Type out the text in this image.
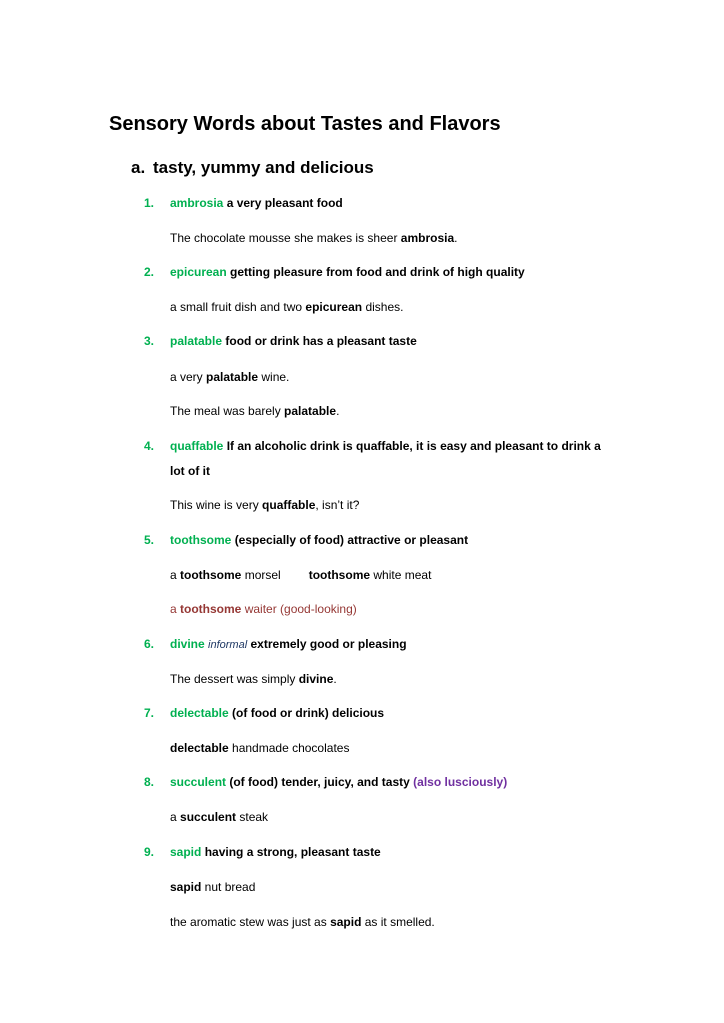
Sensory Words about Tastes and Flavors
a. tasty, yummy and delicious
1. ambrosia a very pleasant food
The chocolate mousse she makes is sheer ambrosia.
2. epicurean getting pleasure from food and drink of high quality
a small fruit dish and two epicurean dishes.
3. palatable food or drink has a pleasant taste
a very palatable wine.
The meal was barely palatable.
4. quaffable If an alcoholic drink is quaffable, it is easy and pleasant to drink a
lot of it
This wine is very quaffable, isn’t it?
5. toothsome (especially of food) attractive or pleasant
a toothsome morsel toothsome white meat
a toothsome waiter (good-looking)
6. divine informal extremely good or pleasing
The dessert was simply divine.
7. delectable (of food or drink) delicious
delectable handmade chocolates
8. succulent (of food) tender, juicy, and tasty (also lusciously)
a succulent steak
9. sapid having a strong, pleasant taste
sapid nut bread
the aromatic stew was just as sapid as it smelled.
